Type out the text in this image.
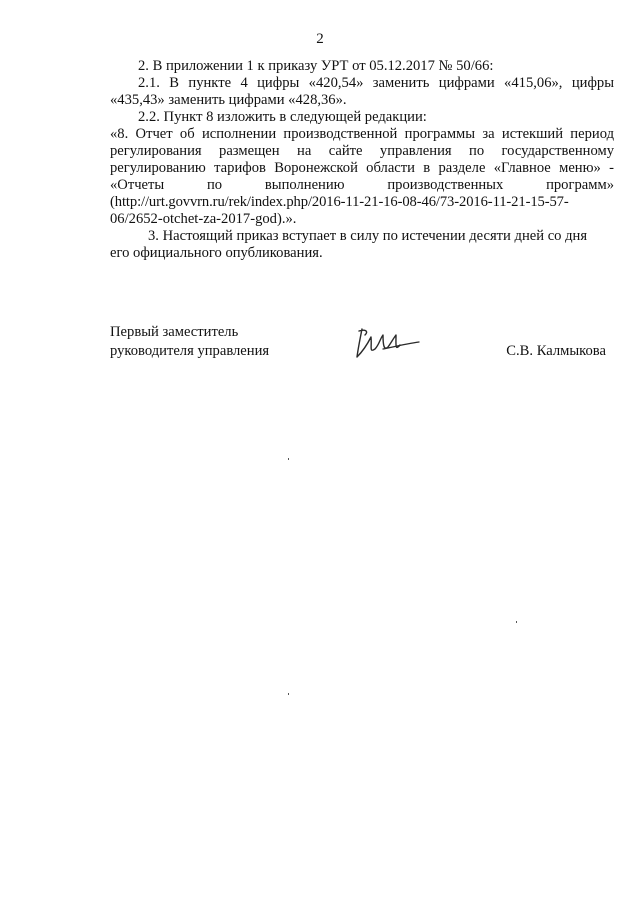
2

2. В приложении 1 к приказу УРТ от 05.12.2017 № 50/66:

2.1. В пункте 4 цифры «420,54» заменить цифрами «415,06», цифры

«435,43» заменить цифрами «428,36».

2.2. Пункт 8 изложить в следующей редакции:

«8. Отчет об исполнении производственной программы за истекший период

регулирования размещен на сайте управления по государственному

регулированию тарифов Воронежской области в разделе «Главное меню» -

«Отчеты по выполнению производственных программ»

(http://urt.govvrn.ru/rek/index.php/2016-11-21-16-08-46/73-2016-11-21-15-57-

06/2652-otchet-za-2017-god).».

3. Настоящий приказ вступает в силу по истечении десяти дней со дня

его официального опубликования.

Первый заместитель
руководителя управления	С.В. Калмыкова
